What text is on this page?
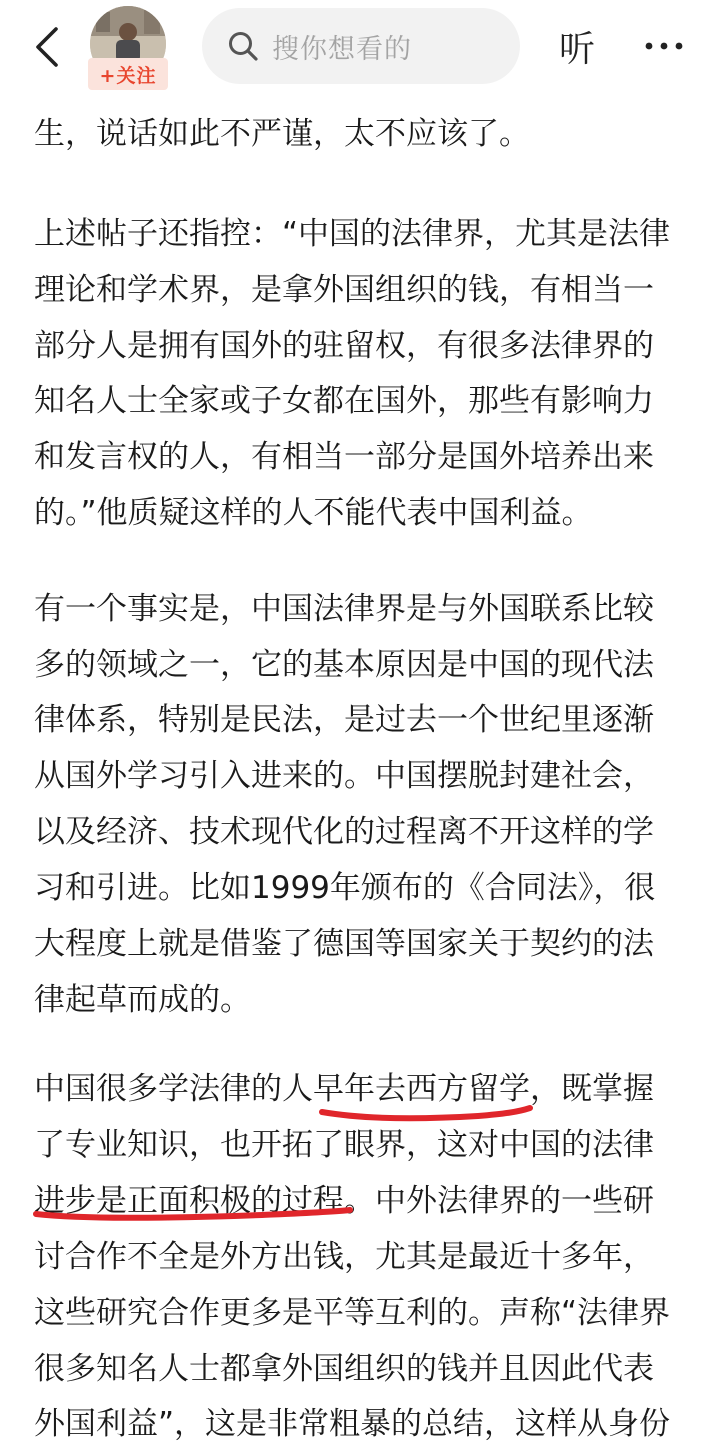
+关注
搜你想看的	听
生，说话如此不严谨，太不应该了。
上述帖子还指控：“中国的法律界，尤其是法律
理论和学术界，是拿外国组织的钱，有相当一
部分人是拥有国外的驻留权，有很多法律界的
知名人士全家或子女都在国外，那些有影响力
和发言权的人，有相当一部分是国外培养出来
的。”他质疑这样的人不能代表中国利益。
有一个事实是，中国法律界是与外国联系比较
多的领域之一，它的基本原因是中国的现代法
律体系，特别是民法，是过去一个世纪里逐渐
从国外学习引入进来的。中国摆脱封建社会，
以及经济、技术现代化的过程离不开这样的学
习和引进。比如1999年颁布的《合同法》，很
大程度上就是借鉴了德国等国家关于契约的法
律起草而成的。
中国很多学法律的人早年去西方留学，既掌握
了专业知识，也开拓了眼界，这对中国的法律
进步是正面积极的过程。中外法律界的一些研
讨合作不全是外方出钱，尤其是最近十多年，
这些研究合作更多是平等互利的。声称“法律界
很多知名人士都拿外国组织的钱并且因此代表
外国利益”，这是非常粗暴的总结，这样从身份
